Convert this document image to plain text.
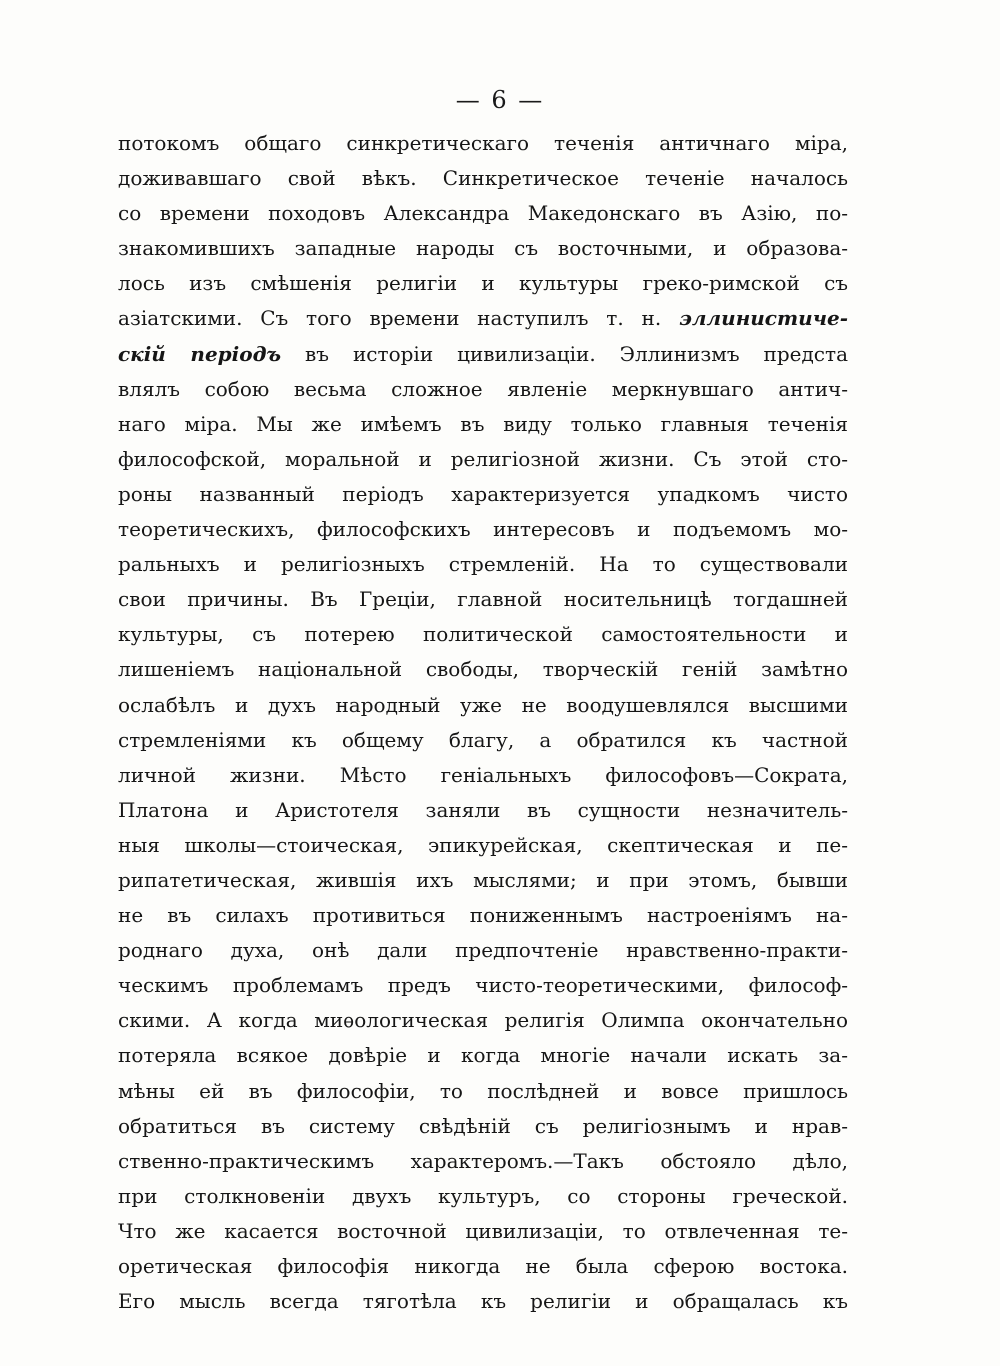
— 6 —
потокомъ общаго синкретическаго теченія античнаго міра,
доживавшаго свой вѣкъ. Синкретическое теченіе началось
со времени походовъ Александра Македонскаго въ Азію, по-
знакомившихъ западные народы съ восточными, и образова-
лось изъ смѣшенія религіи и культуры греко-римской съ
азіатскими. Съ того времени наступилъ т. н. эллинистиче-
скій періодъ въ исторіи цивилизаціи. Эллинизмъ предста
влялъ собою весьма сложное явленіе меркнувшаго антич-
наго міра. Мы же имѣемъ въ виду только главныя теченія
философской, моральной и религіозной жизни. Съ этой сто-
роны названный періодъ характеризуется упадкомъ чисто
теоретическихъ, философскихъ интересовъ и подъемомъ мо-
ральныхъ и религіозныхъ стремленій. На то существовали
свои причины. Въ Греціи, главной носительницѣ тогдашней
культуры, съ потерею политической самостоятельности и
лишеніемъ національной свободы, творческій геній замѣтно
ослабѣлъ и духъ народный уже не воодушевлялся высшими
стремленіями къ общему благу, а обратился къ частной
личной жизни. Мѣсто геніальныхъ философовъ—Сократа,
Платона и Аристотеля заняли въ сущности незначитель-
ныя школы—стоическая, эпикурейская, скептическая и пе-
рипатетическая, жившія ихъ мыслями; и при этомъ, бывши
не въ силахъ противиться пониженнымъ настроеніямъ на-
роднаго духа, онѣ дали предпочтеніе нравственно-практи-
ческимъ проблемамъ предъ чисто-теоретическими, философ-
скими. А когда миѳологическая религія Олимпа окончательно
потеряла всякое довѣріе и когда многіе начали искать за-
мѣны ей въ философіи, то послѣдней и вовсе пришлось
обратиться въ систему свѣдѣній съ религіознымъ и нрав-
ственно-практическимъ характеромъ.—Такъ обстояло дѣло,
при столкновеніи двухъ культуръ, со стороны греческой.
Что же касается восточной цивилизаціи, то отвлеченная те-
оретическая философія никогда не была сферою востока.
Его мысль всегда тяготѣла къ религіи и обращалась къ
